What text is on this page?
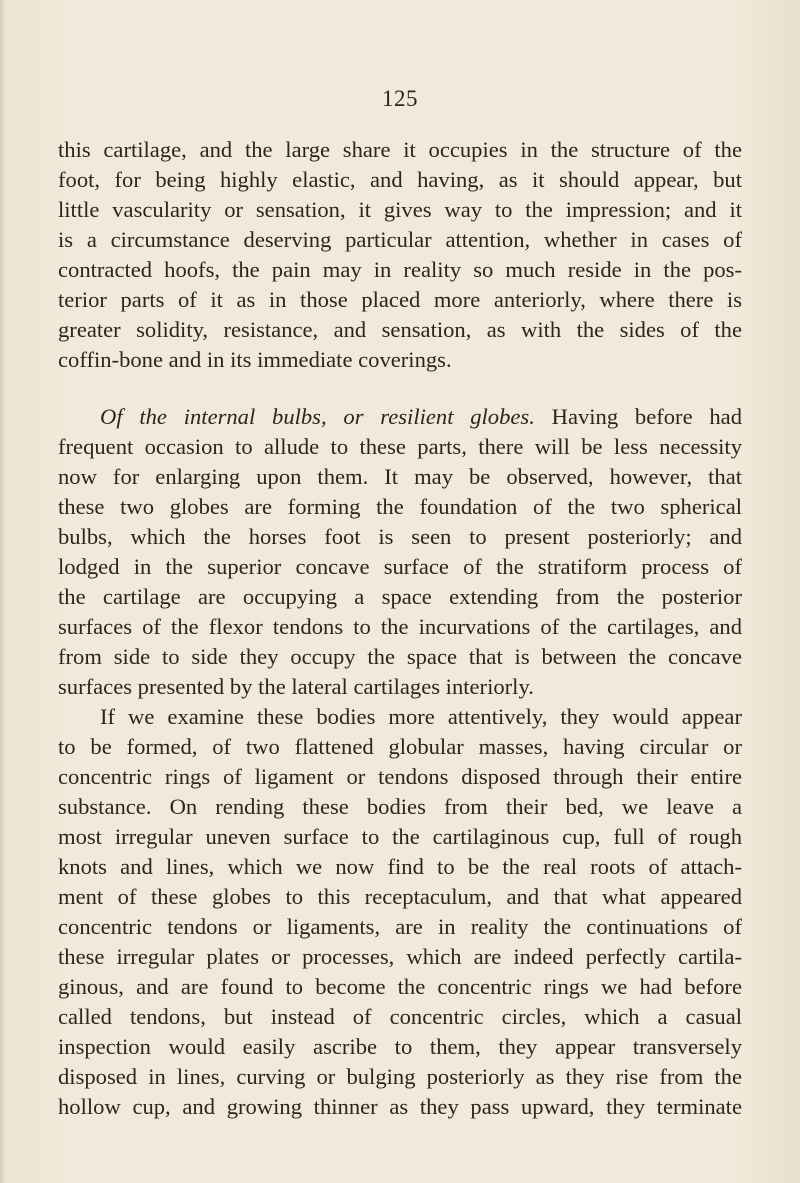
125
this cartilage, and the large share it occupies in the structure of the
foot, for being highly elastic, and having, as it should appear, but
little vascularity or sensation, it gives way to the impression; and it
is a circumstance deserving particular attention, whether in cases of
contracted hoofs, the pain may in reality so much reside in the pos-
terior parts of it as in those placed more anteriorly, where there is
greater solidity, resistance, and sensation, as with the sides of the
coffin-bone and in its immediate coverings.
Of the internal bulbs, or resilient globes. Having before had
frequent occasion to allude to these parts, there will be less necessity
now for enlarging upon them. It may be observed, however, that
these two globes are forming the foundation of the two spherical
bulbs, which the horses foot is seen to present posteriorly; and
lodged in the superior concave surface of the stratiform process of
the cartilage are occupying a space extending from the posterior
surfaces of the flexor tendons to the incurvations of the cartilages, and
from side to side they occupy the space that is between the concave
surfaces presented by the lateral cartilages interiorly.
If we examine these bodies more attentively, they would appear
to be formed, of two flattened globular masses, having circular or
concentric rings of ligament or tendons disposed through their entire
substance. On rending these bodies from their bed, we leave a
most irregular uneven surface to the cartilaginous cup, full of rough
knots and lines, which we now find to be the real roots of attach-
ment of these globes to this receptaculum, and that what appeared
concentric tendons or ligaments, are in reality the continuations of
these irregular plates or processes, which are indeed perfectly cartila-
ginous, and are found to become the concentric rings we had before
called tendons, but instead of concentric circles, which a casual
inspection would easily ascribe to them, they appear transversely
disposed in lines, curving or bulging posteriorly as they rise from the
hollow cup, and growing thinner as they pass upward, they terminate
